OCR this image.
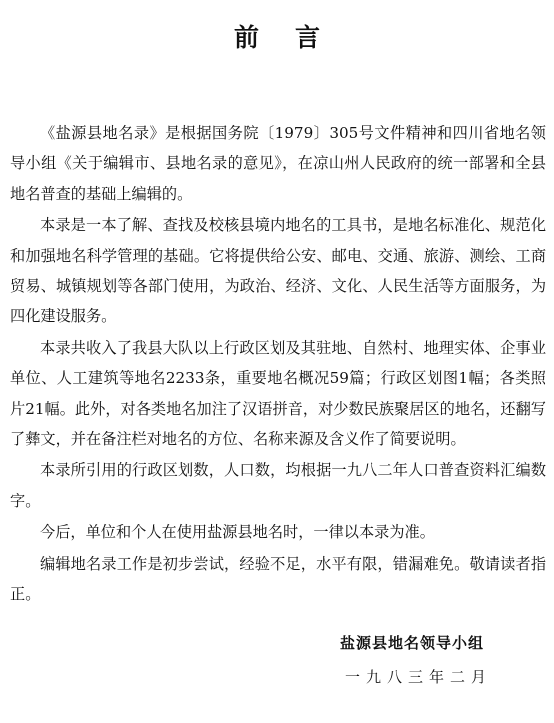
前言

《盐源县地名录》是根据国务院〔1979〕305号文件精神和四川省地名领导小组《关于编辑市、县地名录的意见》，在凉山州人民政府的统一部署和全县地名普查的基础上编辑的。

本录是一本了解、查找及校核县境内地名的工具书，是地名标准化、规范化和加强地名科学管理的基础。它将提供给公安、邮电、交通、旅游、测绘、工商贸易、城镇规划等各部门使用，为政治、经济、文化、人民生活等方面服务，为四化建设服务。

本录共收入了我县大队以上行政区划及其驻地、自然村、地理实体、企事业单位、人工建筑等地名2233条，重要地名概况59篇；行政区划图1幅；各类照片21幅。此外，对各类地名加注了汉语拼音，对少数民族聚居区的地名，还翻写了彝文，并在备注栏对地名的方位、名称来源及含义作了简要说明。

本录所引用的行政区划数，人口数，均根据一九八二年人口普查资料汇编数字。

今后，单位和个人在使用盐源县地名时，一律以本录为准。

编辑地名录工作是初步尝试，经验不足，水平有限，错漏难免。敬请读者指正。

盐源县地名领导小组
一九八三年二月
